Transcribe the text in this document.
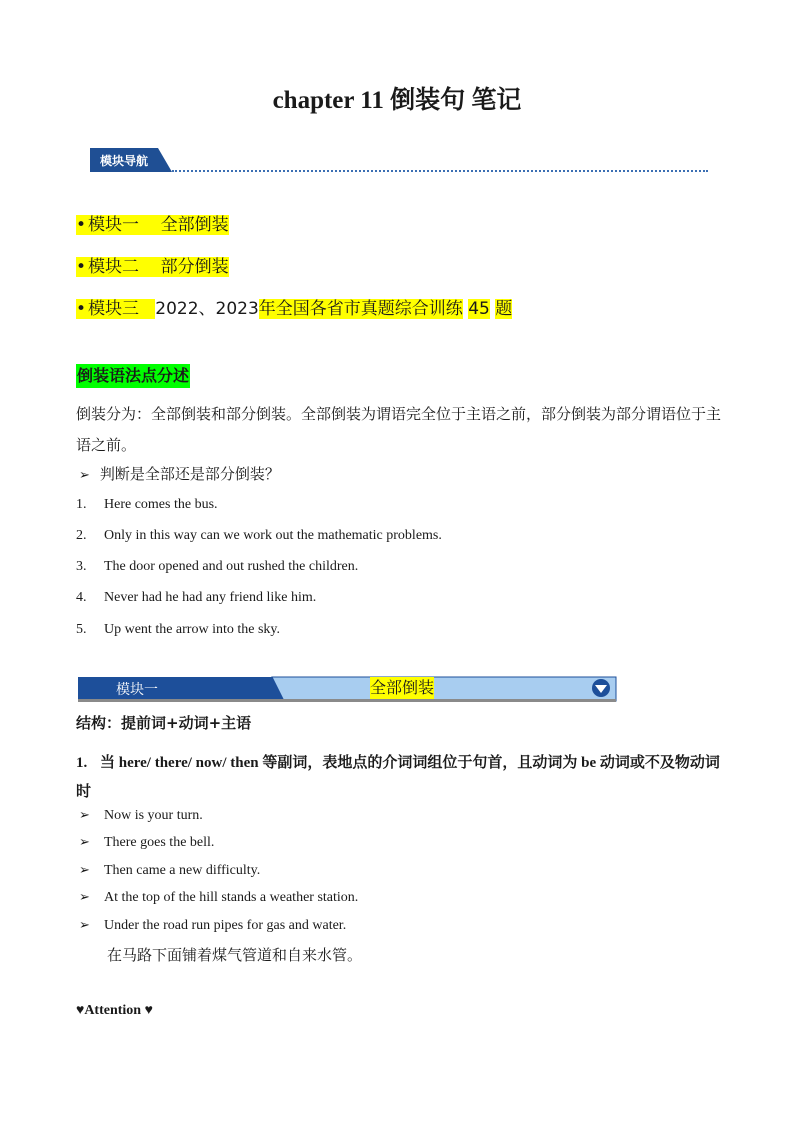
chapter 11 倒装句 笔记
模块导航
• 模块一 全部倒装
• 模块二 部分倒装
• 模块三 2022、2023年全国各省市真题综合训练 45 题
倒装语法点分述
倒装分为：全部倒装和部分倒装。全部倒装为谓语完全位于主语之前，部分倒装为部分谓语位于主语之前。
➢ 判断是全部还是部分倒装？
1. Here comes the bus.
2. Only in this way can we work out the mathematic problems.
3. The door opened and out rushed the children.
4. Never had he had any friend like him.
5. Up went the arrow into the sky.
模块一	全部倒装
结构：提前词+动词+主语
1. 当 here/ there/ now/ then 等副词，表地点的介词词组位于句首，且动词为 be 动词或不及物动词时
➢ Now is your turn.
➢ There goes the bell.
➢ Then came a new difficulty.
➢ At the top of the hill stands a weather station.
➢ Under the road run pipes for gas and water.
在马路下面铺着煤气管道和自来水管。
♥Attention ♥
